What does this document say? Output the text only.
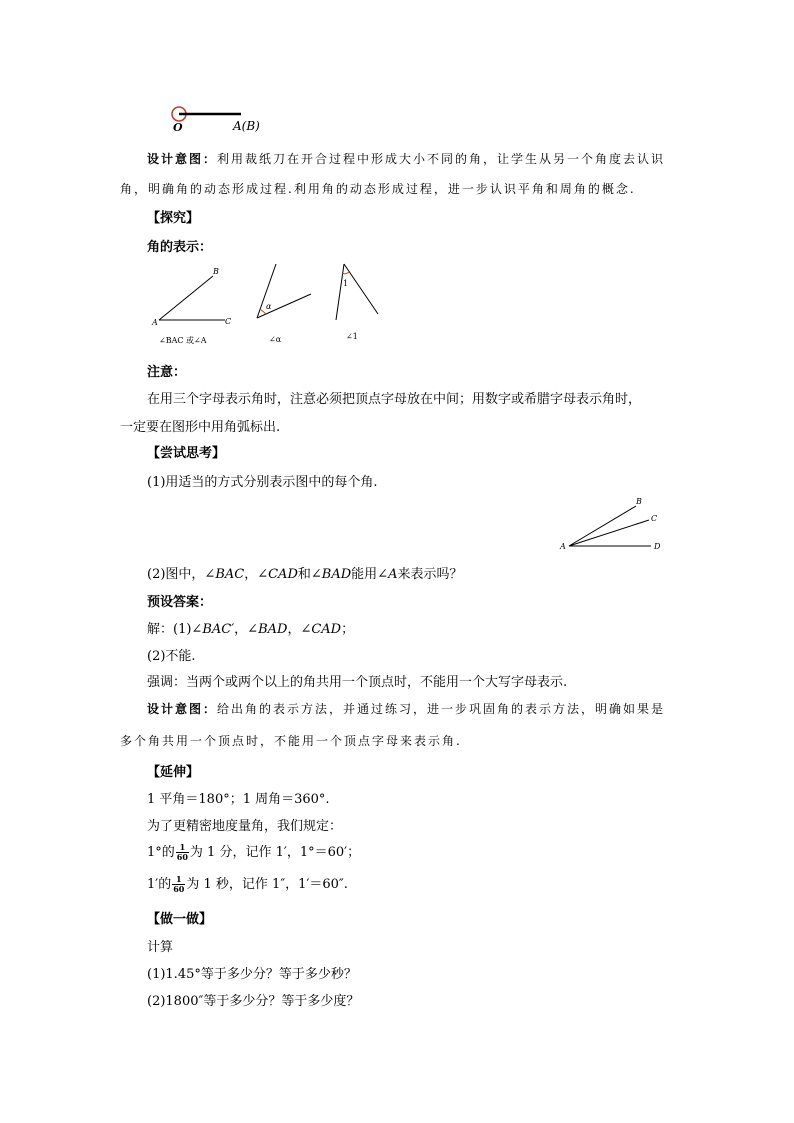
O	A(B)
设计意图：利用裁纸刀在开合过程中形成大小不同的角，让学生从另一个角度去认识
角，明确角的动态形成过程.利用角的动态形成过程，进一步认识平角和周角的概念.
【探究】
角的表示：
B
A	C
∠BAC 或∠A
α
∠α
1
∠1
注意：
在用三个字母表示角时，注意必须把顶点字母放在中间；用数字或希腊字母表示角时，
一定要在图形中用角弧标出.
【尝试思考】
(1)用适当的方式分别表示图中的每个角.
B
C
A	D
(2)图中，∠BAC，∠CAD和∠BAD能用∠A来表示吗？
预设答案：
解：(1)∠BAC′，∠BAD，∠CAD；
(2)不能.
强调：当两个或两个以上的角共用一个顶点时，不能用一个大写字母表示.
设计意图：给出角的表示方法，并通过练习，进一步巩固角的表示方法，明确如果是
多个角共用一个顶点时，不能用一个顶点字母来表示角.
【延伸】
1 平角＝180°；1 周角＝360°.
为了更精密地度量角，我们规定：
1°的 $\frac{1}{60}$ 为 1 分，记作 1′，1°＝60′；
1′的 $\frac{1}{60}$ 为 1 秒，记作 1″，1′＝60″.
【做一做】
计算
(1)1.45°等于多少分？等于多少秒？
(2)1800″等于多少分？等于多少度？
